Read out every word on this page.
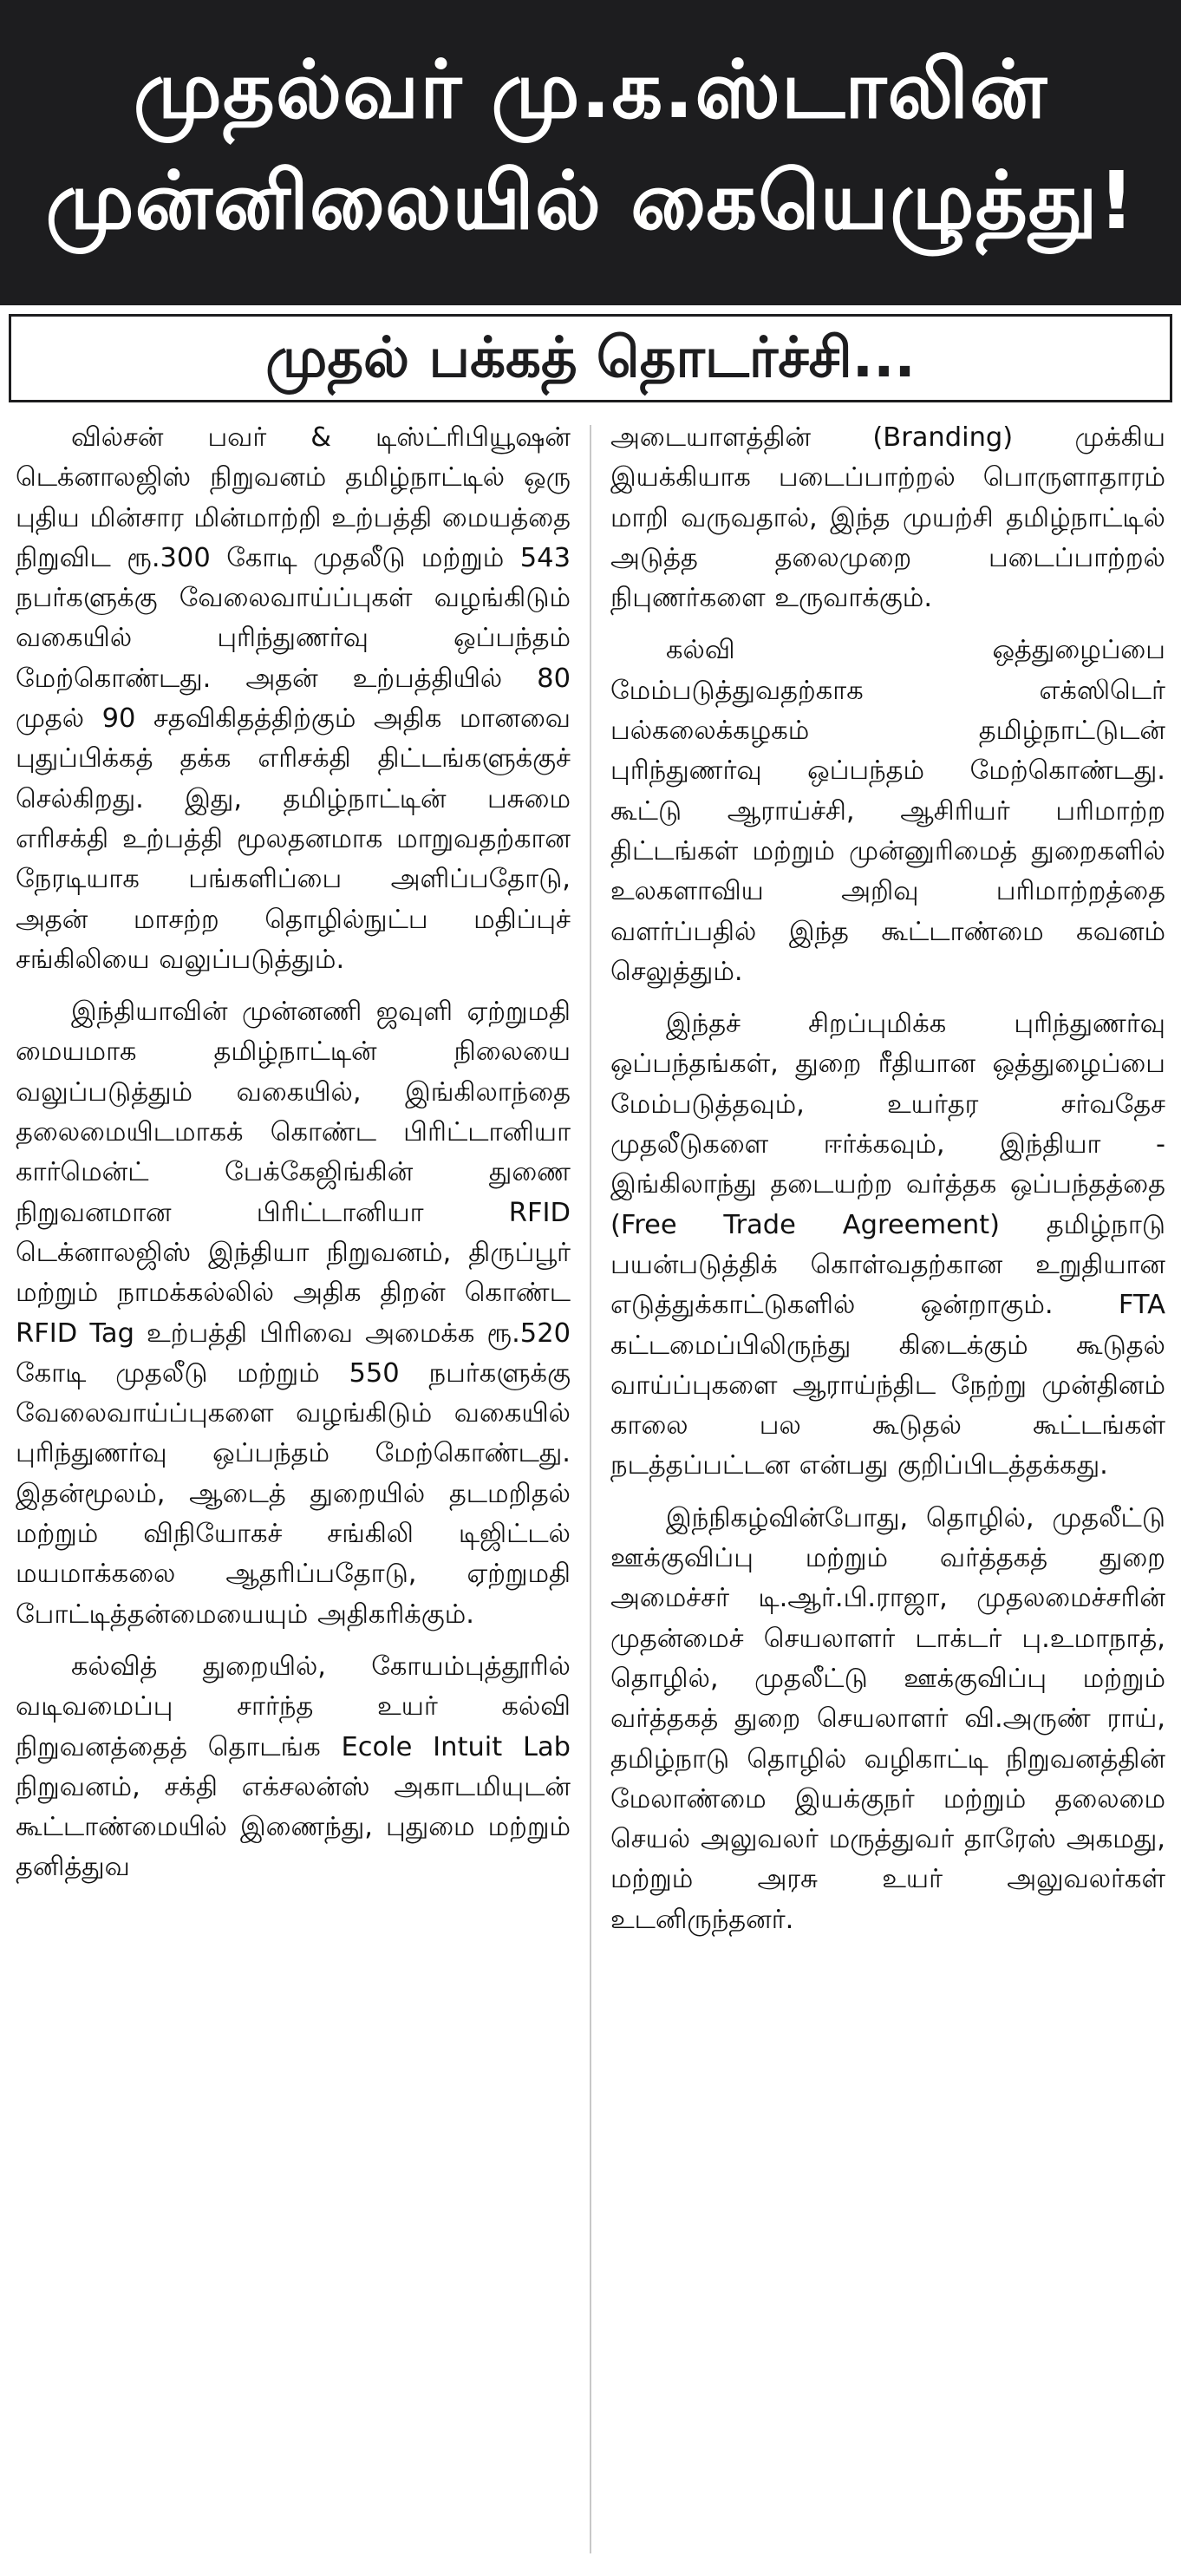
முதல்வர் மு.க.ஸ்டாலின்
முன்னிலையில் கையெழுத்து!
முதல் பக்கத் தொடர்ச்சி...

வில்சன் பவர் & டிஸ்ட்ரிபியூஷன் டெக்னாலஜிஸ் நிறுவனம் தமிழ்நாட்டில் ஒரு புதிய மின்சார மின்மாற்றி உற்பத்தி மையத்தை நிறுவிட ரூ.300 கோடி முதலீடு மற்றும் 543 நபர்களுக்கு வேலைவாய்ப்புகள் வழங்கிடும் வகையில் புரிந்துணர்வு ஒப்பந்தம் மேற்கொண்டது. அதன் உற்பத்தியில் 80 முதல் 90 சதவிகிதத்திற்கும் அதிக மானவை புதுப்பிக்கத் தக்க எரிசக்தி திட்டங்களுக்குச் செல்கிறது. இது, தமிழ்நாட்டின் பசுமை எரிசக்தி உற்பத்தி மூலதனமாக மாறுவதற்கான நேரடியாக பங்களிப்பை அளிப்பதோடு, அதன் மாசற்ற தொழில்நுட்ப மதிப்புச் சங்கிலியை வலுப்படுத்தும்.

இந்தியாவின் முன்னணி ஜவுளி ஏற்றுமதி மையமாக தமிழ்நாட்டின் நிலையை வலுப்படுத்தும் வகையில், இங்கிலாந்தை தலைமையிடமாகக் கொண்ட பிரிட்டானியா கார்மென்ட் பேக்கேஜிங்கின் துணை நிறுவனமான பிரிட்டானியா RFID டெக்னாலஜிஸ் இந்தியா நிறுவனம், திருப்பூர் மற்றும் நாமக்கல்லில் அதிக திறன் கொண்ட RFID Tag உற்பத்தி பிரிவை அமைக்க ரூ.520 கோடி முதலீடு மற்றும் 550 நபர்களுக்கு வேலைவாய்ப்புகளை வழங்கிடும் வகையில் புரிந்துணர்வு ஒப்பந்தம் மேற்கொண்டது. இதன்மூலம், ஆடைத் துறையில் தடமறிதல் மற்றும் விநியோகச் சங்கிலி டிஜிட்டல் மயமாக்கலை ஆதரிப்பதோடு, ஏற்றுமதி போட்டித்தன்மையையும் அதிகரிக்கும்.

கல்வித் துறையில், கோயம்புத்தூரில் வடிவமைப்பு சார்ந்த உயர் கல்வி நிறுவனத்தைத் தொடங்க Ecole Intuit Lab நிறுவனம், சக்தி எக்சலன்ஸ் அகாடமியுடன் கூட்டாண்மையில் இணைந்து, புதுமை மற்றும் தனித்துவ

அடையாளத்தின் (Branding) முக்கிய இயக்கியாக படைப்பாற்றல் பொருளாதாரம் மாறி வருவதால், இந்த முயற்சி தமிழ்நாட்டில் அடுத்த தலைமுறை படைப்பாற்றல் நிபுணர்களை உருவாக்கும்.

கல்வி ஒத்துழைப்பை மேம்படுத்துவதற்காக எக்ஸிடெர் பல்கலைக்கழகம் தமிழ்நாட்டுடன் புரிந்துணர்வு ஒப்பந்தம் மேற்கொண்டது. கூட்டு ஆராய்ச்சி, ஆசிரியர் பரிமாற்ற திட்டங்கள் மற்றும் முன்னுரிமைத் துறைகளில் உலகளாவிய அறிவு பரிமாற்றத்தை வளர்ப்பதில் இந்த கூட்டாண்மை கவனம் செலுத்தும்.

இந்தச் சிறப்புமிக்க புரிந்துணர்வு ஒப்பந்தங்கள், துறை ரீதியான ஒத்துழைப்பை மேம்படுத்தவும், உயர்தர சர்வதேச முதலீடுகளை ஈர்க்கவும், இந்தியா - இங்கிலாந்து தடையற்ற வர்த்தக ஒப்பந்தத்தை (Free Trade Agreement) தமிழ்நாடு பயன்படுத்திக் கொள்வதற்கான உறுதியான எடுத்துக்காட்டுகளில் ஒன்றாகும். FTA கட்டமைப்பிலிருந்து கிடைக்கும் கூடுதல் வாய்ப்புகளை ஆராய்ந்திட நேற்று முன்தினம் காலை பல கூடுதல் கூட்டங்கள் நடத்தப்பட்டன என்பது குறிப்பிடத்தக்கது.

இந்நிகழ்வின்போது, தொழில், முதலீட்டு ஊக்குவிப்பு மற்றும் வர்த்தகத் துறை அமைச்சர் டி.ஆர்.பி.ராஜா, முதலமைச்சரின் முதன்மைச் செயலாளர் டாக்டர் பு.உமாநாத், தொழில், முதலீட்டு ஊக்குவிப்பு மற்றும் வர்த்தகத் துறை செயலாளர் வி.அருண் ராய், தமிழ்நாடு தொழில் வழிகாட்டி நிறுவனத்தின் மேலாண்மை இயக்குநர் மற்றும் தலைமை செயல் அலுவலர் மருத்துவர் தாரேஸ் அகமது, மற்றும் அரசு உயர் அலுவலர்கள் உடனிருந்தனர்.
